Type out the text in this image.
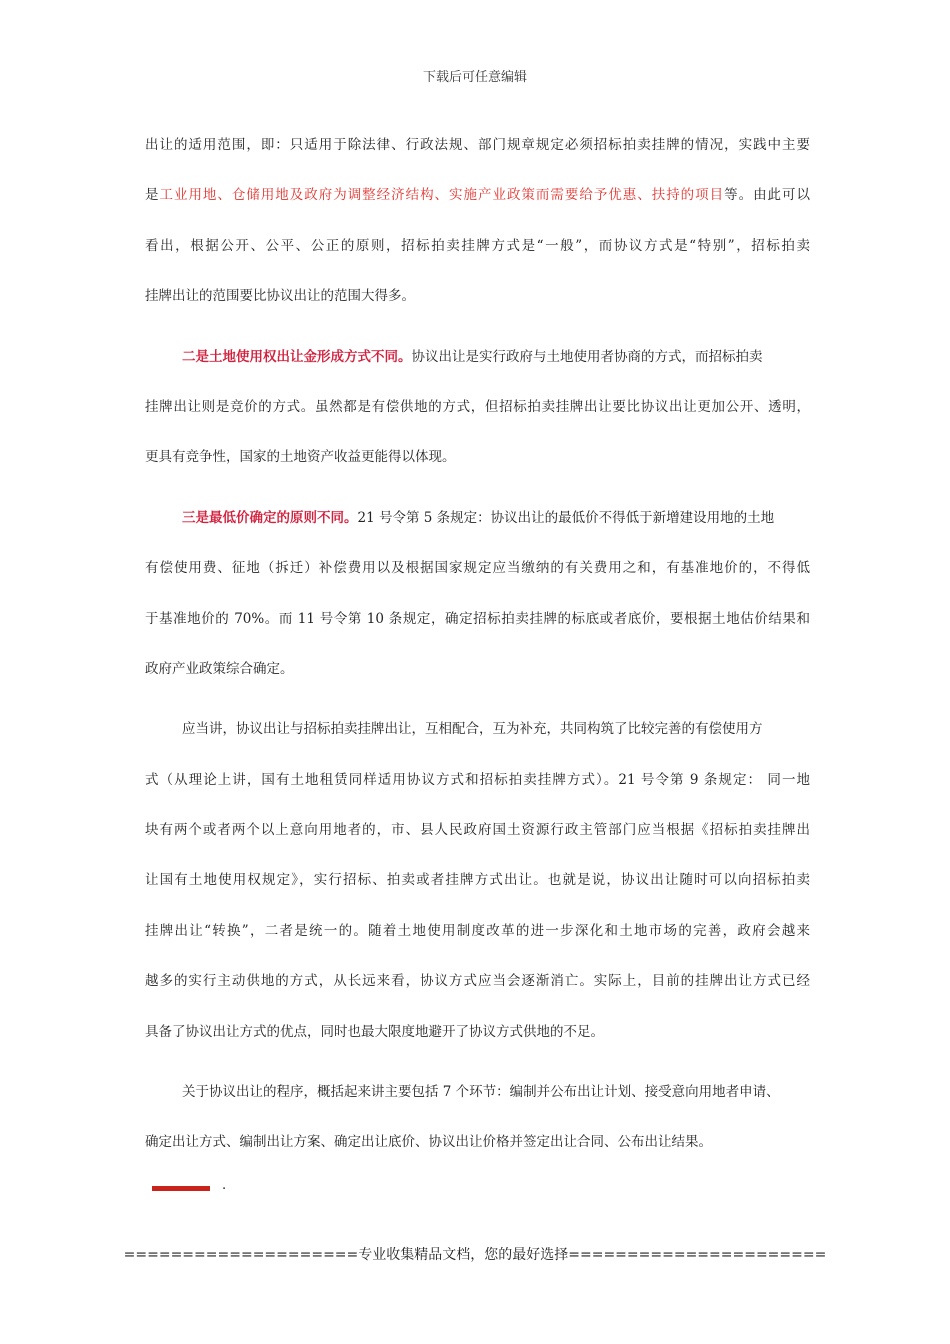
下载后可任意编辑
出让的适用范围，即：只适用于除法律、行政法规、部门规章规定必须招标拍卖挂牌的情况，实践中主要
是工业用地、仓储用地及政府为调整经济结构、实施产业政策而需要给予优惠、扶持的项目等。由此可以
看出，根据公开、公平、公正的原则，招标拍卖挂牌方式是“一般”，而协议方式是“特别”，招标拍卖
挂牌出让的范围要比协议出让的范围大得多。
二是土地使用权出让金形成方式不同。协议出让是实行政府与土地使用者协商的方式，而招标拍卖
挂牌出让则是竞价的方式。虽然都是有偿供地的方式，但招标拍卖挂牌出让要比协议出让更加公开、透明，
更具有竞争性，国家的土地资产收益更能得以体现。
三是最低价确定的原则不同。21 号令第 5 条规定：协议出让的最低价不得低于新增建设用地的土地
有偿使用费、征地（拆迁）补偿费用以及根据国家规定应当缴纳的有关费用之和，有基准地价的，不得低
于基准地价的 70%。而 11 号令第 10 条规定，确定招标拍卖挂牌的标底或者底价，要根据土地估价结果和
政府产业政策综合确定。
应当讲，协议出让与招标拍卖挂牌出让，互相配合，互为补充，共同构筑了比较完善的有偿使用方
式（从理论上讲，国有土地租赁同样适用协议方式和招标拍卖挂牌方式）。21 号令第 9 条规定： 同一地
块有两个或者两个以上意向用地者的，市、县人民政府国土资源行政主管部门应当根据《招标拍卖挂牌出
让国有土地使用权规定》，实行招标、拍卖或者挂牌方式出让。也就是说，协议出让随时可以向招标拍卖
挂牌出让“转换”，二者是统一的。随着土地使用制度改革的进一步深化和土地市场的完善，政府会越来
越多的实行主动供地的方式，从长远来看，协议方式应当会逐渐消亡。实际上，目前的挂牌出让方式已经
具备了协议出让方式的优点，同时也最大限度地避开了协议方式供地的不足。
关于协议出让的程序，概括起来讲主要包括 7 个环节：编制并公布出让计划、接受意向用地者申请、
确定出让方式、编制出让方案、确定出让底价、协议出让价格并签定出让合同、公布出让结果。
.
====================专业收集精品文档，您的最好选择======================
